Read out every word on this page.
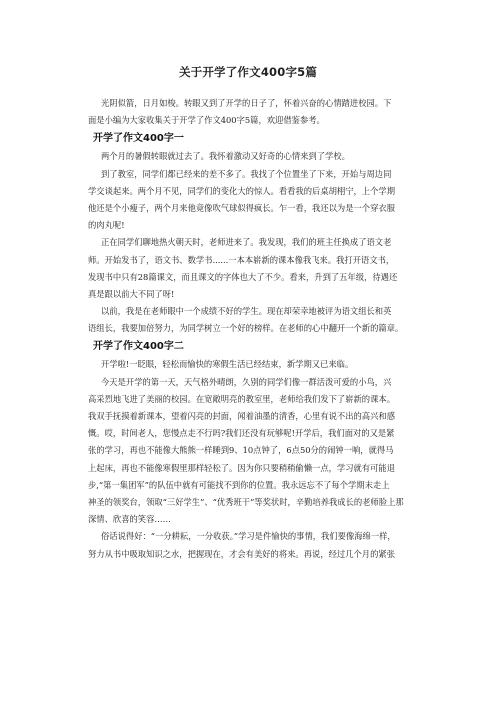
关于开学了作文400字5篇
光阴似箭，日月如梭。转眼又到了开学的日子了，怀着兴奋的心情踏进校园。下
面是小编为大家收集关于开学了作文400字5篇，欢迎借鉴参考。
开学了作文400字一
两个月的暑假转眼就过去了。我怀着激动又好奇的心情来到了学校。
到了教室，同学们都已经来的差不多了。我找了个位置坐了下来，开始与周边同
学交谈起来。两个月不见，同学们的变化大的惊人。看看我的后桌胡栩宁，上个学期
他还是个小瘦子，两个月来他竟像吹气球似得疯长。乍一看，我还以为是一个穿衣服
的肉丸呢!
正在同学们聊地热火朝天时，老师进来了。我发现，我们的班主任换成了语文老
师。开始发书了，语文书、数学书......一本本崭新的课本像我飞来。我打开语文书，
发现书中只有28篇课文，而且课文的字体也大了不少。看来，升到了五年级，待遇还
真是跟以前大不同了呀!
以前，我是在老师眼中一个成绩不好的学生。现在却荣幸地被评为语文组长和英
语组长，我要加倍努力，为同学树立一个好的榜样。在老师的心中翻开一个新的篇章。
开学了作文400字二
开学啦!一眨眼，轻松而愉快的寒假生活已经结束，新学期又已来临。
今天是开学的第一天，天气格外晴朗，久别的同学们像一群活泼可爱的小鸟，兴
高采烈地飞进了美丽的校园。在宽敞明亮的教室里，老师给我们发下了崭新的课本。
我双手抚摸着新课本，望着闪亮的封面，闻着油墨的清香，心里有说不出的高兴和感
慨。哎，时间老人，您慢点走不行吗?我们还没有玩够呢!开学后，我们面对的又是紧
张的学习，再也不能像大熊熊一样睡到9、10点钟了，6点50分的闹钟一响，就得马
上起床，再也不能像寒假里那样轻松了。因为你只要稍稍偷懒一点，学习就有可能退
步,“第一集团军”的队伍中就有可能找不到你的位置。我永远忘不了每个学期末走上
神圣的领奖台，领取“三好学生”、“优秀班干”等奖状时，辛勤培养我成长的老师脸上那
深情、欣喜的笑容……
俗话说得好：“一分耕耘，一分收获。”学习是件愉快的事情，我们要像海绵一样，
努力从书中吸取知识之水，把握现在，才会有美好的将来。再说，经过几个月的紧张
